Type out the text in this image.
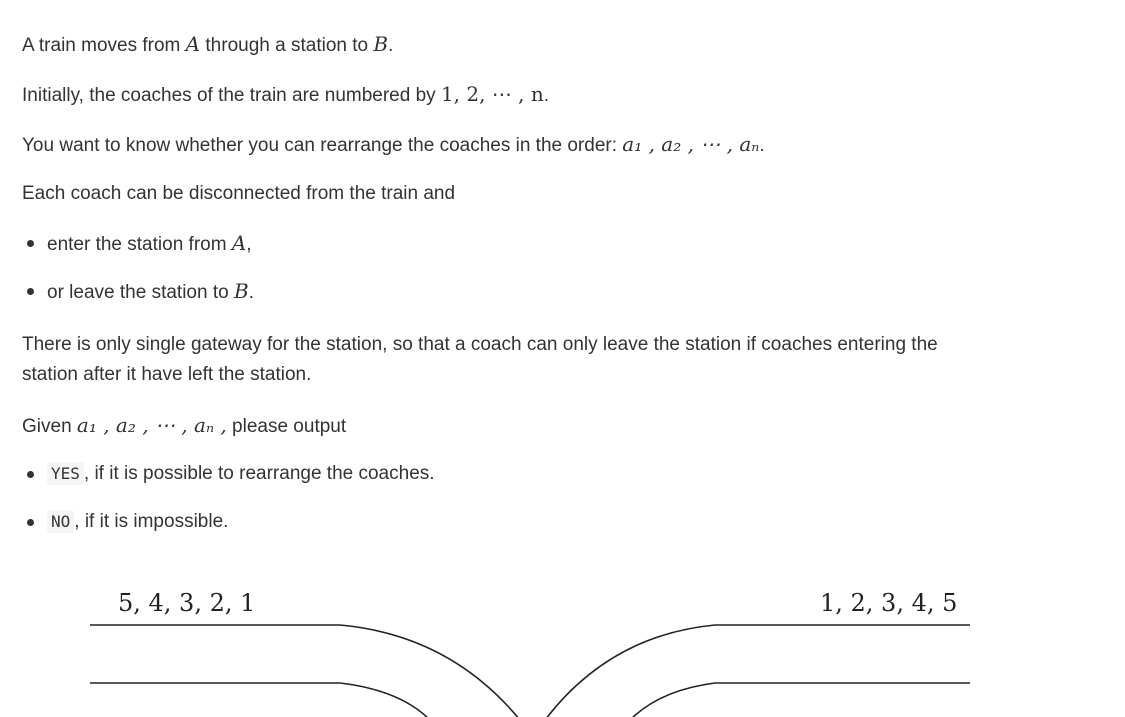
A train moves from A through a station to B.

Initially, the coaches of the train are numbered by 1, 2, ⋯ , n.

You want to know whether you can rearrange the coaches in the order: a₁ , a₂ , ⋯ , aₙ.

Each coach can be disconnected from the train and

enter the station from A,
or leave the station to B.

There is only single gateway for the station, so that a coach can only leave the station if coaches entering the

station after it have left the station.

Given a₁ , a₂ , ⋯ , aₙ , please output

YES , if it is possible to rearrange the coaches.
NO , if it is impossible.
5, 4, 3, 2, 1	1, 2, 3, 4, 5
